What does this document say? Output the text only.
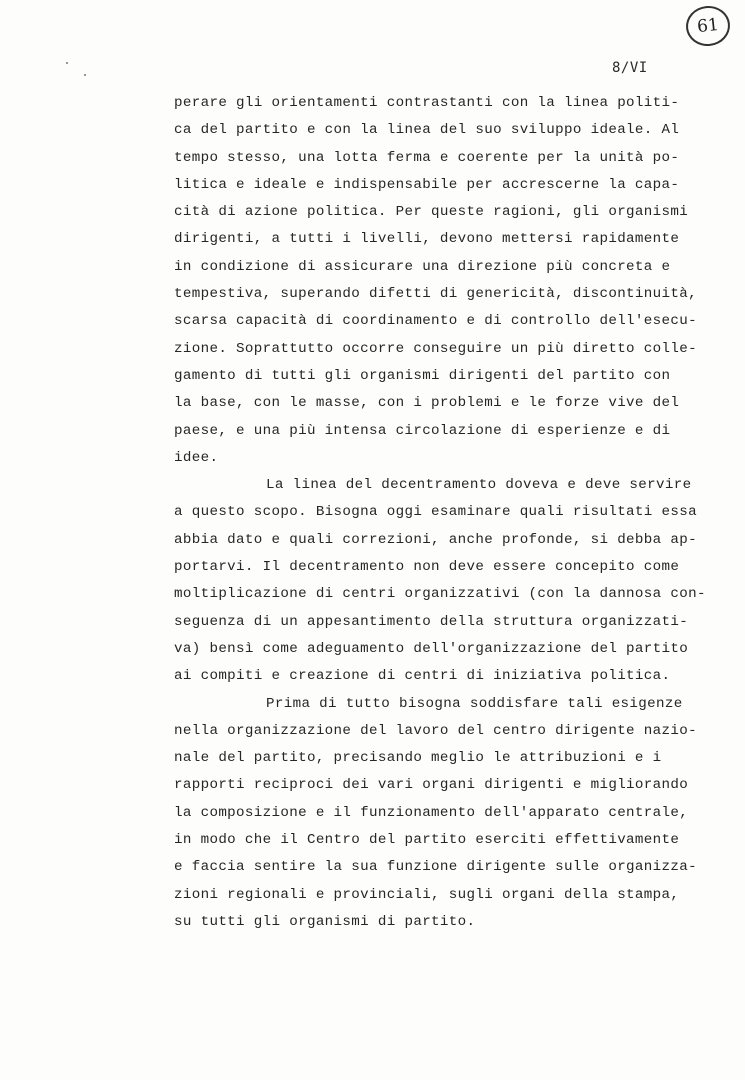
61
8/VI
perare gli orientamenti contrastanti con la linea politi-
ca del partito e con la linea del suo sviluppo ideale. Al
tempo stesso, una lotta ferma e coerente per la unità po-
litica e ideale e indispensabile per accrescerne la capa-
cità di azione politica. Per queste ragioni, gli organismi
dirigenti, a tutti i livelli, devono mettersi rapidamente
in condizione di assicurare una direzione più concreta e
tempestiva, superando difetti di genericità, discontinuità,
scarsa capacità di coordinamento e di controllo dell'esecu-
zione. Soprattutto occorre conseguire un più diretto colle-
gamento di tutti gli organismi dirigenti del partito con
la base, con le masse, con i problemi e le forze vive del
paese, e una più intensa circolazione di esperienze e di
idee.
La linea del decentramento doveva e deve servire
a questo scopo. Bisogna oggi esaminare quali risultati essa
abbia dato e quali correzioni, anche profonde, si debba ap-
portarvi. Il decentramento non deve essere concepito come
moltiplicazione di centri organizzativi (con la dannosa con-
seguenza di un appesantimento della struttura organizzati-
va) bensì come adeguamento dell'organizzazione del partito
ai compiti e creazione di centri di iniziativa politica.
Prima di tutto bisogna soddisfare tali esigenze
nella organizzazione del lavoro del centro dirigente nazio-
nale del partito, precisando meglio le attribuzioni e i
rapporti reciproci dei vari organi dirigenti e migliorando
la composizione e il funzionamento dell'apparato centrale,
in modo che il Centro del partito eserciti effettivamente
e faccia sentire la sua funzione dirigente sulle organizza-
zioni regionali e provinciali, sugli organi della stampa,
su tutti gli organismi di partito.
